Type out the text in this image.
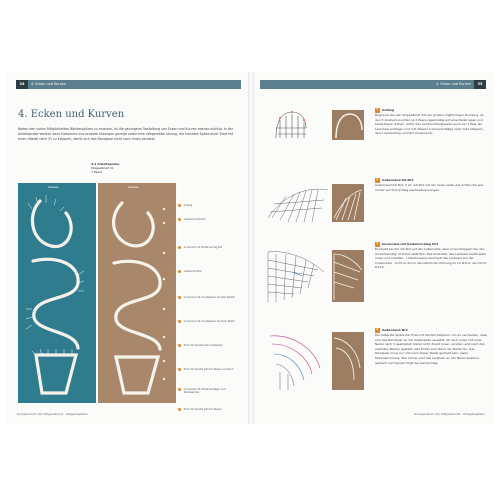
34	4. Ecken und Kurven
4. Ecken und Kurven
Neben den vielen Möglichkeiten Bänderspitzen zu mustern, ist die gelungene Gestaltung von Ecken und Kurven ebenso wichtig. In der Arbeitsprobe werden dazu klassische und probate Lösungen gezeigt sowie eine zeitgemäße Lösung, die kürzeste Spitze einer Ecke mit einer »Nadel nach 3« zu klöppeln, damit sich das Randpaar nicht nach innen versetzt.
4.1 Arbeitsprobe
Klöppelbrief 21
7 Paare
Ideeeee	Ideeeee
Anfang
Außenrand GS-Nr2
Innenrand mit Umkehrschlag Nr4
Außenrand Nr4
Innenrand mit 2 Laufpaaren bei zwei Nadeln
Innenrand mit 2 Laufpaaren bei einer Nadel
Ecke mit Versatz zwei Laufpaaren
Ecke mit Versatz gleicher Paaren und Rand
Innenecke mit Umkehrschlägen und Randwechsel
Ecke mit Versatz gleicher Paaren
Kompendium der Klöppelkunst · Klöppelspitzen
4. Ecken und Kurven	35
1	Anfang
Beginnen Sie den Klöppelbrief mit der großen ringförmigen Rundung. An den 5 Anstieck-punkten je 2 Paare regelmäßig auf eine Nadel legen und beide Paare drehen. Unter den rechten Randpaaren auch ein 1 Paar als Lauf-paar einfügen und mit diesem 4 Leinenschläge nach links klöppeln, dann Ganzschlag und Nr4 (Innenrand).
2	Außenrand GS-Nr2
Außenrand GS-Nr2, 4 LS, GS-Nr4 mit der Innen-seite und achten Sie wie immer auf Ihre Schlag-wechselkreuzungen.
3	Innenrand mit Umkehrschlag Nr4
Es bleibt bei der GS-Nr2 auf der Außenseite, aber innen klöppeln Sie den Umkehrschlag: N-D-D-K statt Nr4. Das bedeutet, das Laufpaar bleibt stets innen und erhalten · Umkehr-weise wechselt das Laufpaar bei der Innennadel · nicht so durch die natürliche Ordnung im LS N-D-K, als mit N-D-D-K.
4	Außenrand Nr4
Die äußerste Spitze der Ecke mit GS-Nr2 klöppeln. Um zu vermeiden, dass sich das Randpaar an der Außenseite versetzt, ist nach innen mit einer Nadel nach 3 gearbeitet: Nadel nicht direkt innen, sondern erst nach den nächsten Paaren gestellt, also Ecken zum Rand der Nadel hin. Das Randpaar muss nur mit nach dieser Nadel gedreht sein, siehe Fadenzeichnung. Wie immer wird das Laufpaar an der Nadel zweimal gedreht und danach folgt der Ganzschlag.
Kompendium der Klöppelkunst · Klöppelspitzen
